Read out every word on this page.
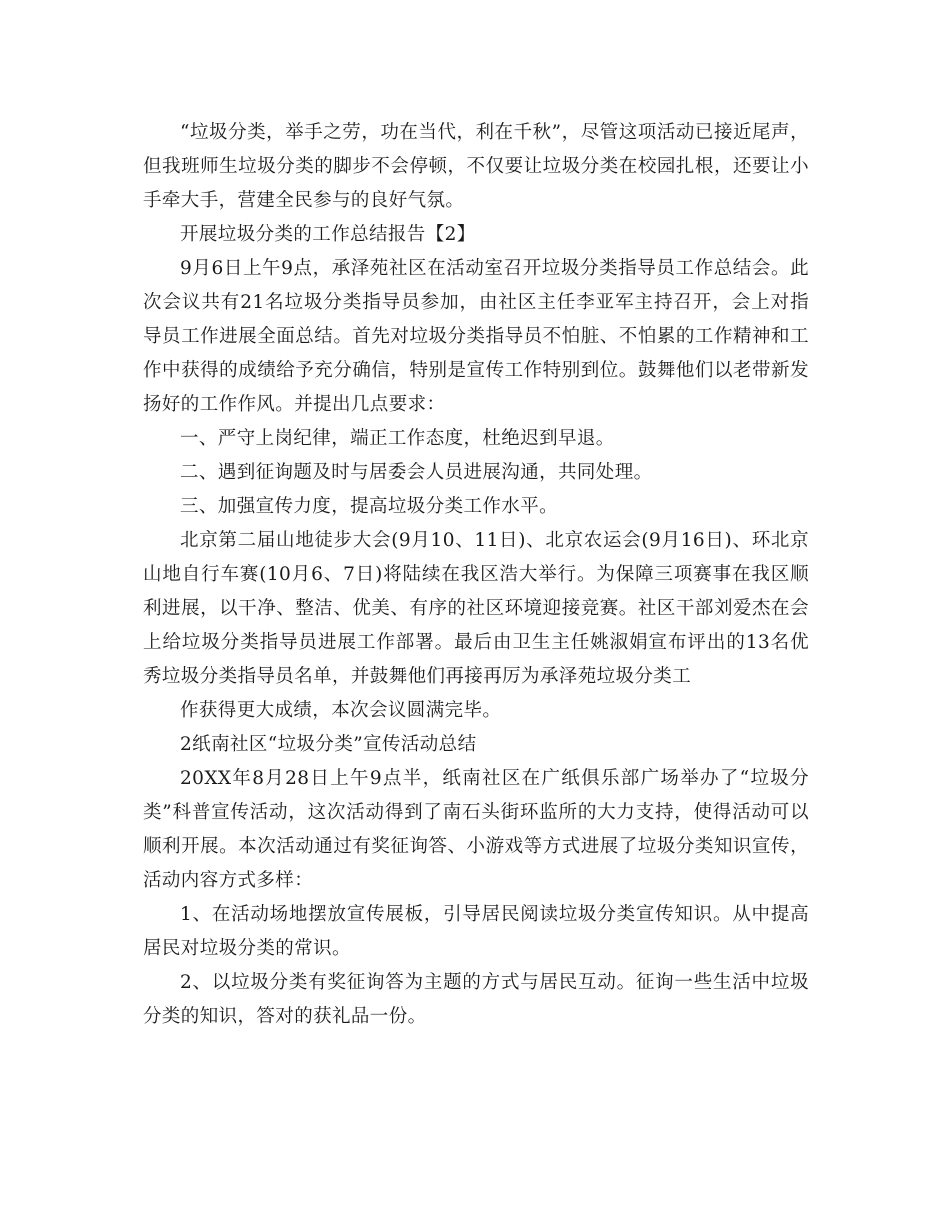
“垃圾分类，举手之劳，功在当代，利在千秋”，尽管这项活动已接近尾声，但我班师生垃圾分类的脚步不会停顿，不仅要让垃圾分类在校园扎根，还要让小手牵大手，营建全民参与的良好气氛。

开展垃圾分类的工作总结报告【2】

9月6日上午9点，承泽苑社区在活动室召开垃圾分类指导员工作总结会。此次会议共有21名垃圾分类指导员参加，由社区主任李亚军主持召开，会上对指导员工作进展全面总结。首先对垃圾分类指导员不怕脏、不怕累的工作精神和工作中获得的成绩给予充分确信，特别是宣传工作特别到位。鼓舞他们以老带新发扬好的工作作风。并提出几点要求：

一、严守上岗纪律，端正工作态度，杜绝迟到早退。

二、遇到征询题及时与居委会人员进展沟通，共同处理。

三、加强宣传力度，提高垃圾分类工作水平。

北京第二届山地徒步大会(9月10、11日)、北京农运会(9月16日)、环北京山地自行车赛(10月6、7日)将陆续在我区浩大举行。为保障三项赛事在我区顺利进展，以干净、整洁、优美、有序的社区环境迎接竞赛。社区干部刘爱杰在会上给垃圾分类指导员进展工作部署。最后由卫生主任姚淑娟宣布评出的13名优秀垃圾分类指导员名单，并鼓舞他们再接再厉为承泽苑垃圾分类工

作获得更大成绩，本次会议圆满完毕。

2纸南社区“垃圾分类”宣传活动总结

20XX年8月28日上午9点半，纸南社区在广纸俱乐部广场举办了“垃圾分类”科普宣传活动，这次活动得到了南石头街环监所的大力支持，使得活动可以顺利开展。本次活动通过有奖征询答、小游戏等方式进展了垃圾分类知识宣传，活动内容方式多样：

1、在活动场地摆放宣传展板，引导居民阅读垃圾分类宣传知识。从中提高居民对垃圾分类的常识。

2、以垃圾分类有奖征询答为主题的方式与居民互动。征询一些生活中垃圾分类的知识，答对的获礼品一份。
